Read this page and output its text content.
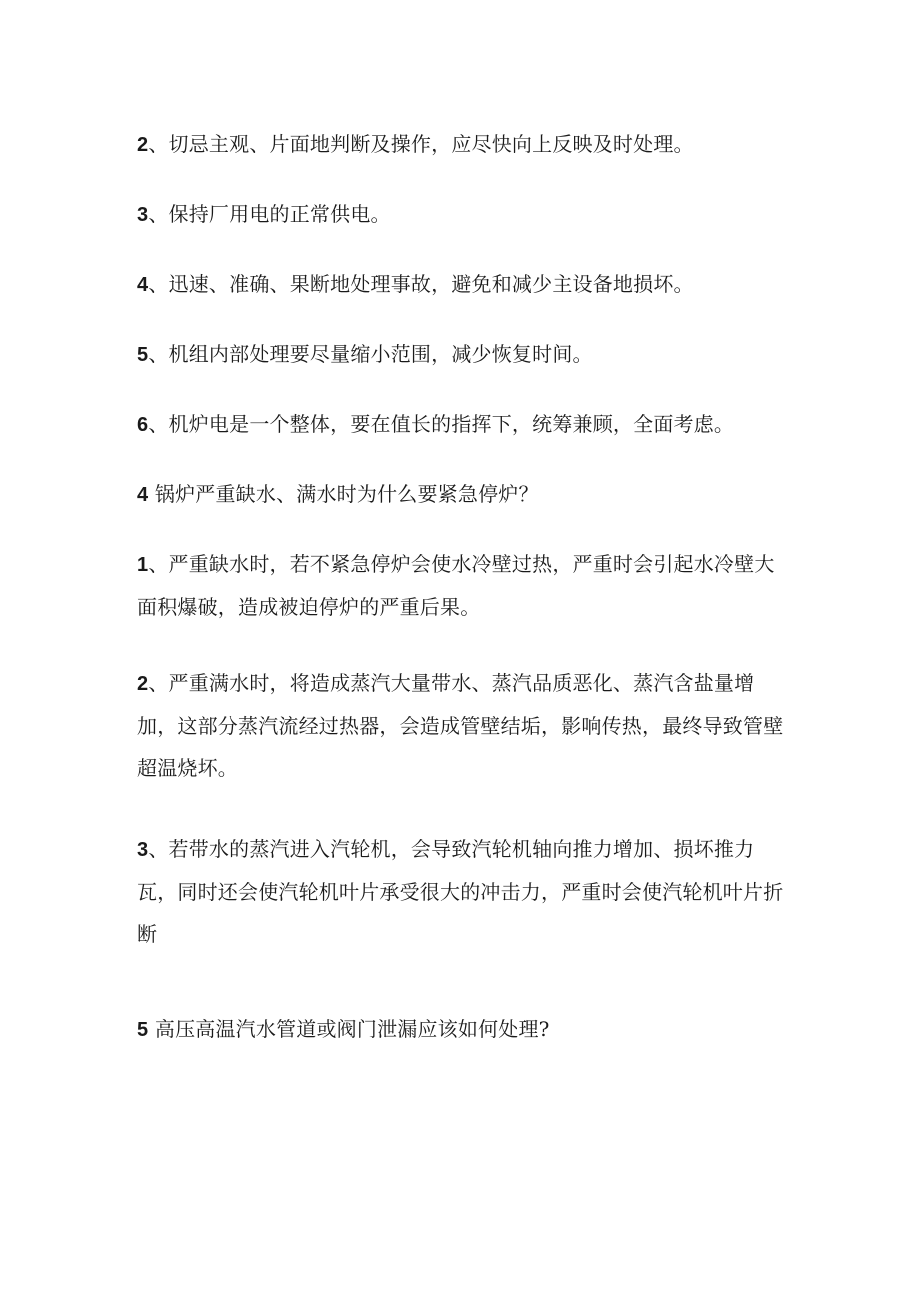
2、切忌主观、片面地判断及操作，应尽快向上反映及时处理。

3、保持厂用电的正常供电。

4、迅速、准确、果断地处理事故，避免和减少主设备地损坏。

5、机组内部处理要尽量缩小范围，减少恢复时间。

6、机炉电是一个整体，要在值长的指挥下，统筹兼顾，全面考虑。

4 锅炉严重缺水、满水时为什么要紧急停炉？

1、严重缺水时，若不紧急停炉会使水冷壁过热，严重时会引起水冷壁大面积爆破，造成被迫停炉的严重后果。

2、严重满水时，将造成蒸汽大量带水、蒸汽品质恶化、蒸汽含盐量增加，这部分蒸汽流经过热器，会造成管壁结垢，影响传热，最终导致管壁超温烧坏。

3、若带水的蒸汽进入汽轮机，会导致汽轮机轴向推力增加、损坏推力瓦，同时还会使汽轮机叶片承受很大的冲击力，严重时会使汽轮机叶片折断

5 高压高温汽水管道或阀门泄漏应该如何处理?
